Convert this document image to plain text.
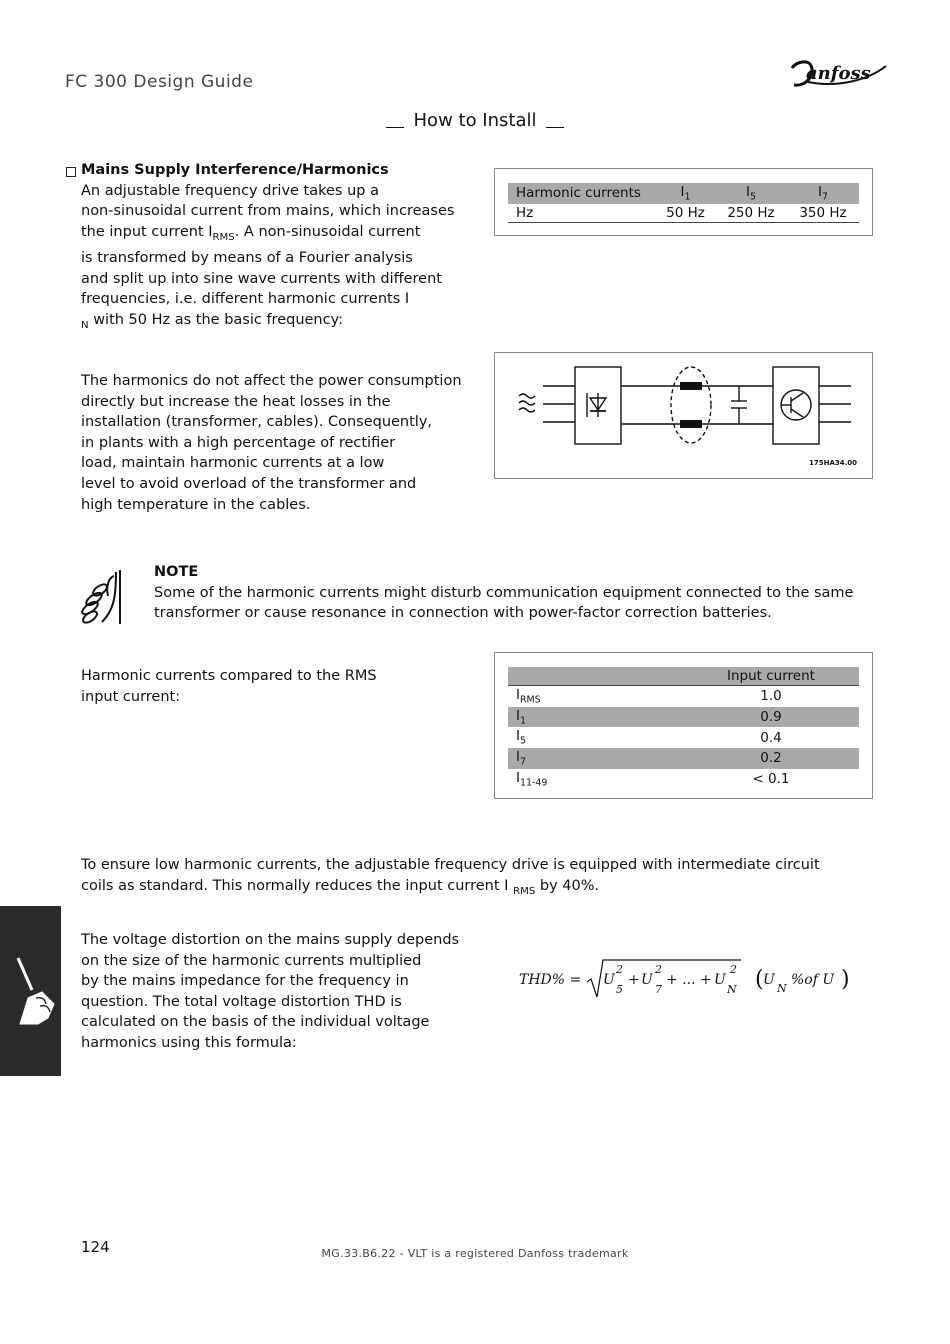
FC 300 Design Guide	anfoss
How to Install
Mains Supply Interference/Harmonics
An adjustable frequency drive takes up a
non-sinusoidal current from mains, which increases
the input current $I_{RMS}$. A non-sinusoidal current
is transformed by means of a Fourier analysis
and split up into sine wave currents with different
frequencies, i.e. different harmonic currents I
$_N$ with 50 Hz as the basic frequency:
Harmonic currents	$I_1$	$I_5$	$I_7$
Hz	50 Hz	250 Hz	350 Hz
175HA34.00
The harmonics do not affect the power consumption
directly but increase the heat losses in the
installation (transformer, cables). Consequently,
in plants with a high percentage of rectifier
load, maintain harmonic currents at a low
level to avoid overload of the transformer and
high temperature in the cables.
NOTE
Some of the harmonic currents might disturb communication equipment connected to the same
transformer or cause resonance in connection with power-factor correction batteries.
Harmonic currents compared to the RMS
input current:
	Input current
$I_{RMS}$	1.0
$I_1$	0.9
$I_5$	0.4
$I_7$	0.2
$I_{11-49}$	< 0.1
To ensure low harmonic currents, the adjustable frequency drive is equipped with intermediate circuit
coils as standard. This normally reduces the input current I $_{RMS}$ by 40%.
The voltage distortion on the mains supply depends
on the size of the harmonic currents multiplied
by the mains impedance for the frequency in
question. The total voltage distortion THD is
calculated on the basis of the individual voltage
harmonics using this formula:
THD% = U
2
5
+ U
2
7
+ ... + U
2
N ( U
N
%of U )
124	MG.33.B6.22 - VLT is a registered Danfoss trademark
